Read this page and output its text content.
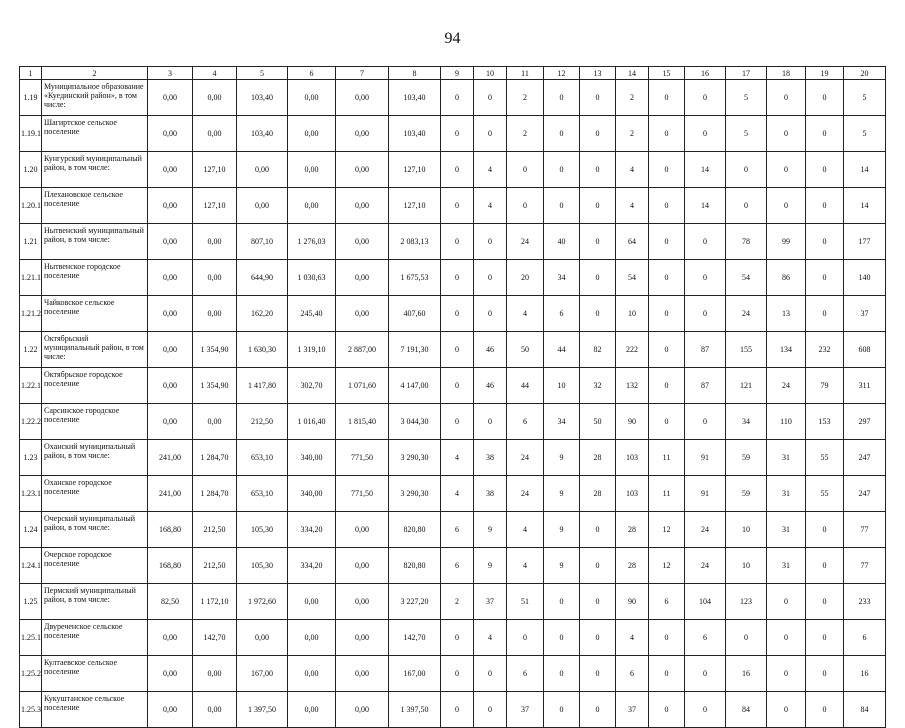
94
1	2	3	4	5	6	7	8	9	10	11	12	13	14	15	16	17	18	19	20
1.19	Муниципальное образование «Куединский район», в том числе:	0,00	0,00	103,40	0,00	0,00	103,40	0	0	2	0	0	2	0	0	5	0	0	5
1.19.1	Шагиртское сельское поселение	0,00	0,00	103,40	0,00	0,00	103,40	0	0	2	0	0	2	0	0	5	0	0	5
1.20	Кунгурский муниципальный район, в том числе:	0,00	127,10	0,00	0,00	0,00	127,10	0	4	0	0	0	4	0	14	0	0	0	14
1.20.1	Плехановское сельское поселение	0,00	127,10	0,00	0,00	0,00	127,10	0	4	0	0	0	4	0	14	0	0	0	14
1.21	Нытвенский муниципальный район, в том числе:	0,00	0,00	807,10	1 276,03	0,00	2 083,13	0	0	24	40	0	64	0	0	78	99	0	177
1.21.1	Нытвенское городское поселение	0,00	0,00	644,90	1 030,63	0,00	1 675,53	0	0	20	34	0	54	0	0	54	86	0	140
1.21.2	Чайковское сельское поселение	0,00	0,00	162,20	245,40	0,00	407,60	0	0	4	6	0	10	0	0	24	13	0	37
1.22	Октябрьский муниципальный район, в том числе:	0,00	1 354,90	1 630,30	1 319,10	2 887,00	7 191,30	0	46	50	44	82	222	0	87	155	134	232	608
1.22.1	Октябрьское городское поселение	0,00	1 354,90	1 417,80	302,70	1 071,60	4 147,00	0	46	44	10	32	132	0	87	121	24	79	311
1.22.2	Сарсинское городское поселение	0,00	0,00	212,50	1 016,40	1 815,40	3 044,30	0	0	6	34	50	90	0	0	34	110	153	297
1.23	Оханский муниципальный район, в том числе:	241,00	1 284,70	653,10	340,00	771,50	3 290,30	4	38	24	9	28	103	11	91	59	31	55	247
1.23.1	Оханское городское поселение	241,00	1 284,70	653,10	340,00	771,50	3 290,30	4	38	24	9	28	103	11	91	59	31	55	247
1.24	Очерский муниципальный район, в том числе:	168,80	212,50	105,30	334,20	0,00	820,80	6	9	4	9	0	28	12	24	10	31	0	77
1.24.1	Очерское городское поселение	168,80	212,50	105,30	334,20	0,00	820,80	6	9	4	9	0	28	12	24	10	31	0	77
1.25	Пермский муниципальный район, в том числе:	82,50	1 172,10	1 972,60	0,00	0,00	3 227,20	2	37	51	0	0	90	6	104	123	0	0	233
1.25.1	Двуреченское сельское поселение	0,00	142,70	0,00	0,00	0,00	142,70	0	4	0	0	0	4	0	6	0	0	0	6
1.25.2	Култаевское сельское поселение	0,00	0,00	167,00	0,00	0,00	167,00	0	0	6	0	0	6	0	0	16	0	0	16
1.25.3	Кукуштанское сельское поселение	0,00	0,00	1 397,50	0,00	0,00	1 397,50	0	0	37	0	0	37	0	0	84	0	0	84
